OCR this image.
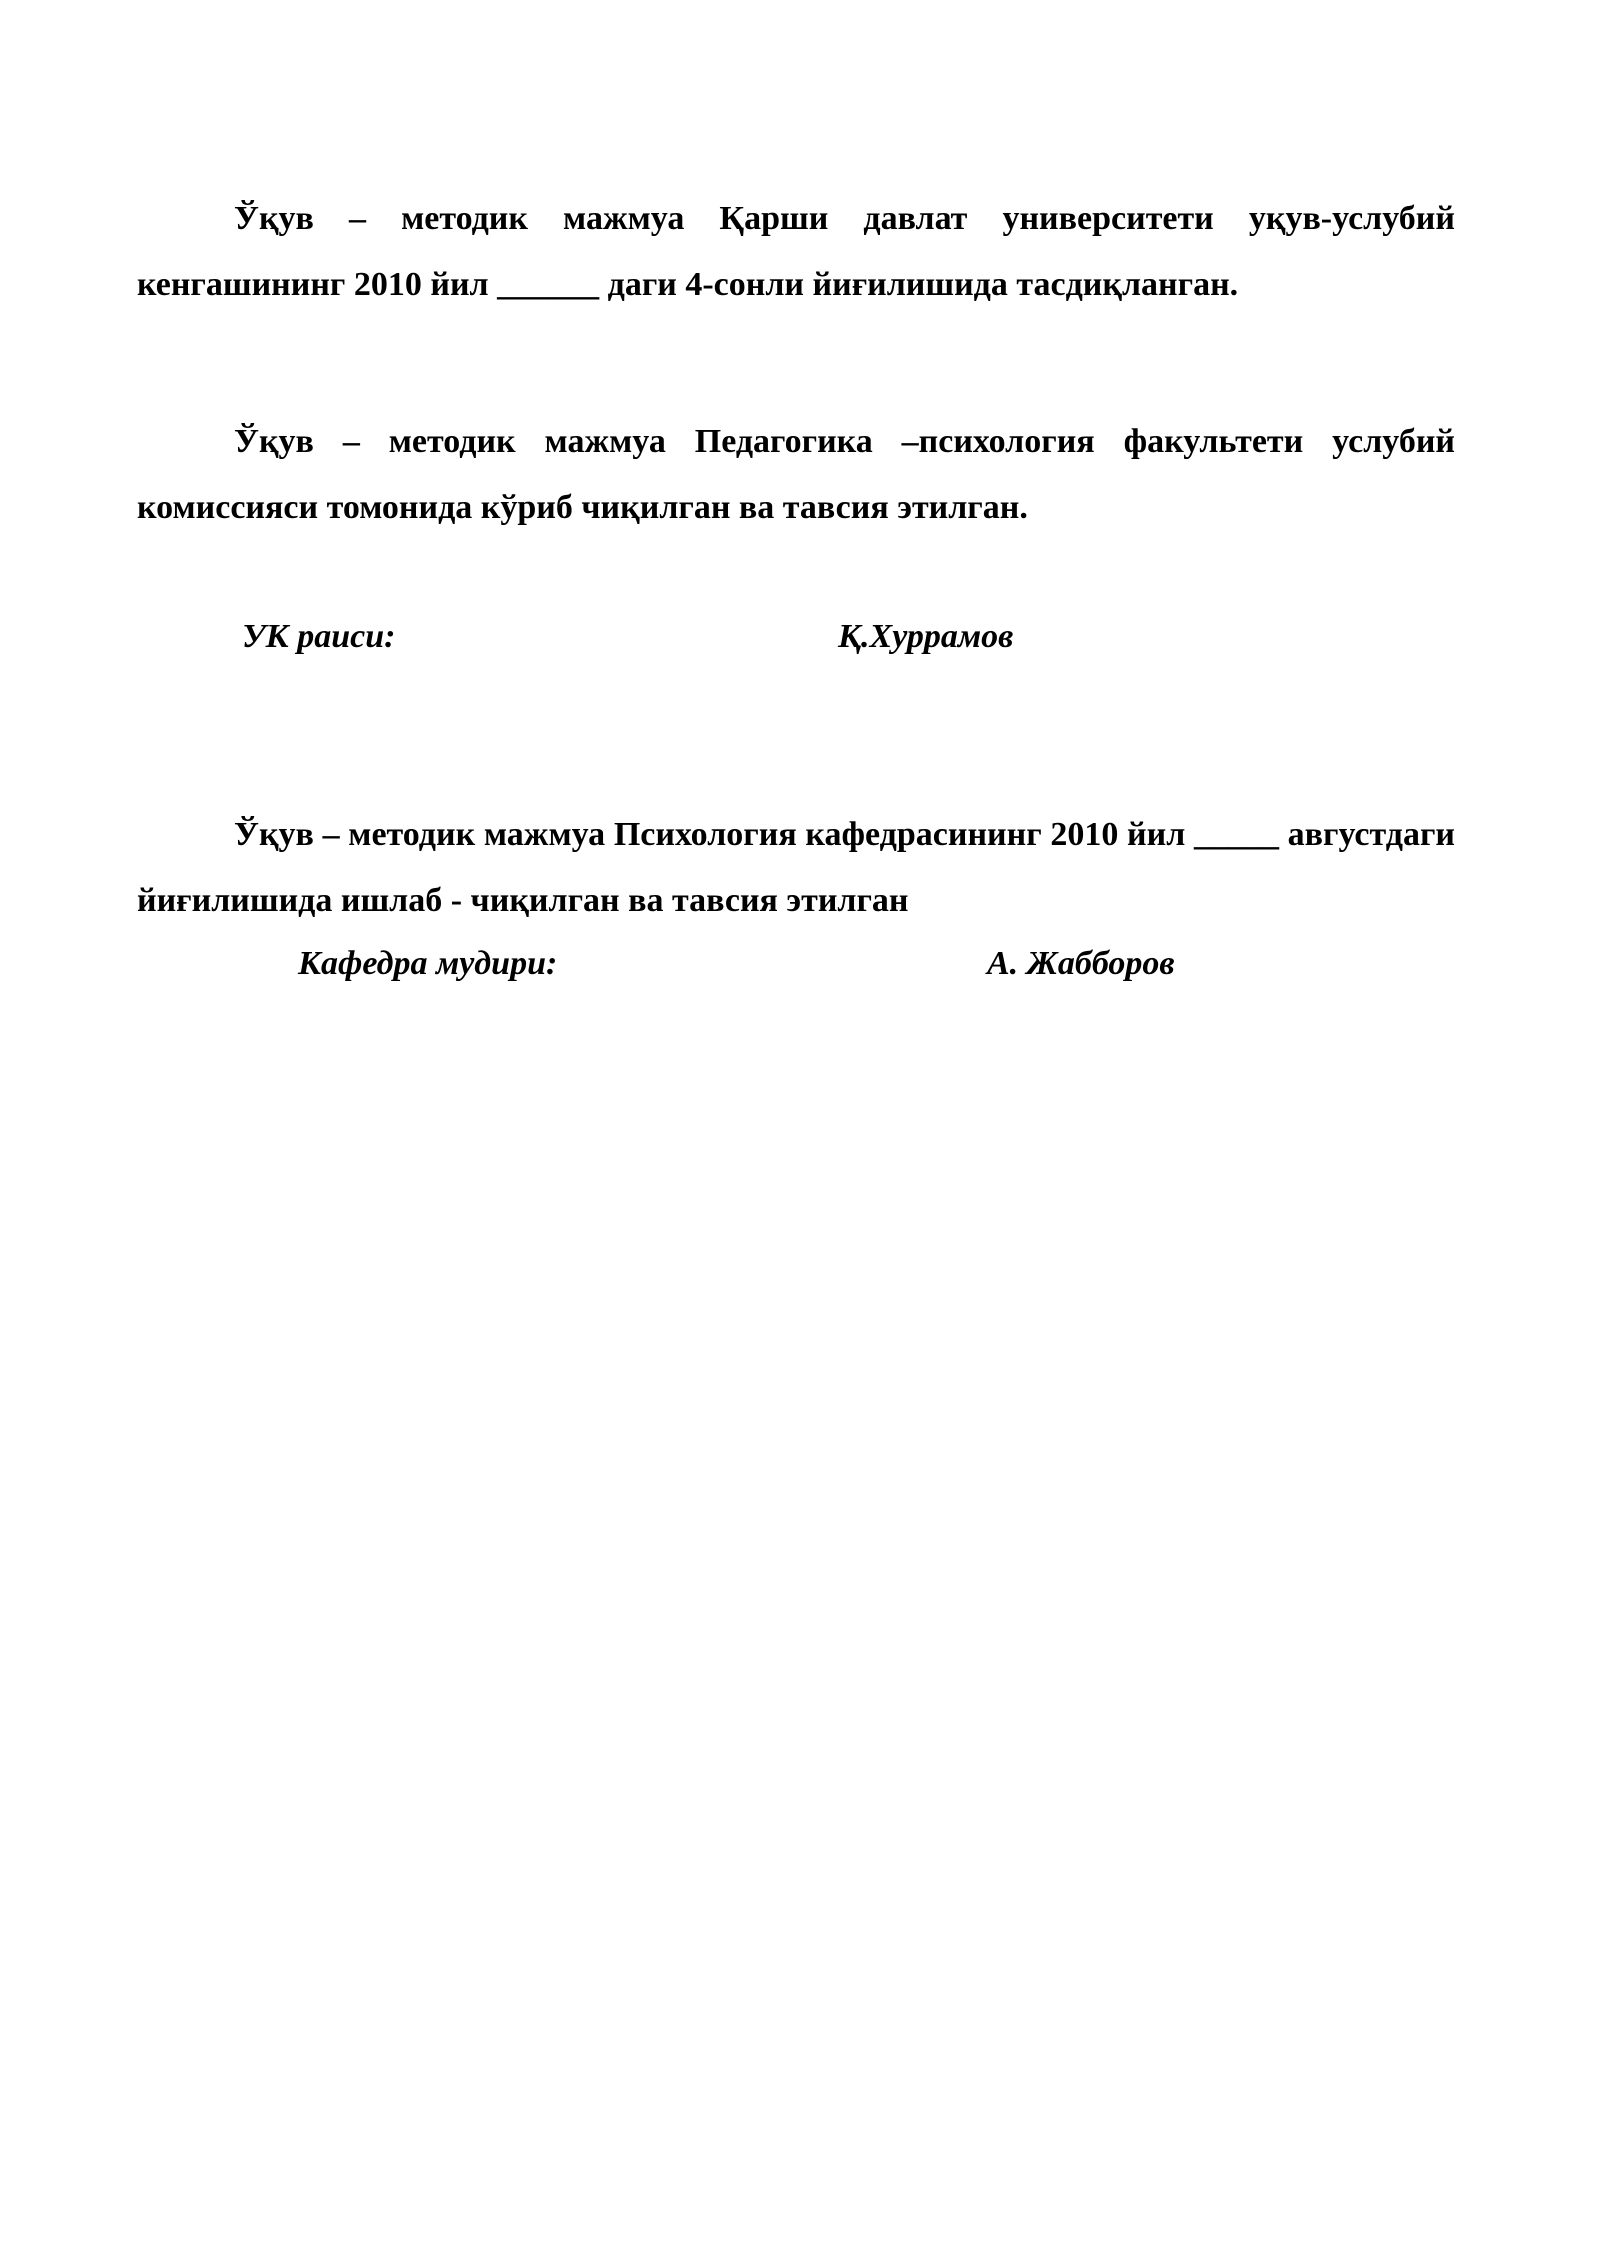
Ўқув – методик мажмуа Қарши давлат университети уқув-услубий кенгашининг 2010 йил ______ даги 4-сонли йиғилишида тасдиқланган.

Ўқув – методик мажмуа Педагогика –психология факультети услубий комиссияси томонида кўриб чиқилган ва тавсия этилган.

УК раиси:	Қ.Хуррамов

Ўқув – методик мажмуа Психология кафедрасининг 2010 йил _____ августдаги йиғилишида ишлаб - чиқилган ва тавсия этилган

Кафедра мудири:	А. Жабборов
